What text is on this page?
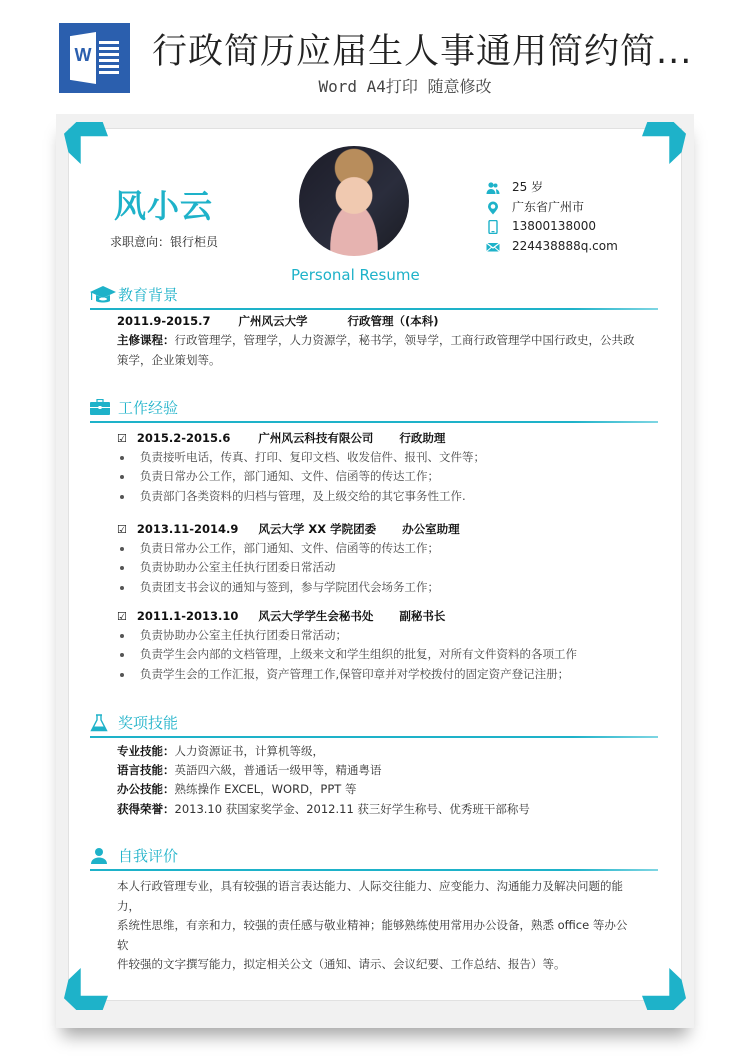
W 行政简历应届生人事通用简约简...
Word A4打印 随意修改
风小云
求职意向：银行柜员
Personal Resume
25 岁
广东省广州市
13800138000
224438888q.com
教育背景
2011.9-2015.7 广州风云大学	行政管理（(本科)
主修课程：行政管理学，管理学，人力资源学，秘书学，领导学，工商行政管理学中国行政史，公共政
策学，企业策划等。
工作经验
☑ 2015.2-2015.6 广州风云科技有限公司 行政助理
负责接听电话，传真、打印、复印文档、收发信件、报刊、文件等；
负责日常办公工作，部门通知、文件、信函等的传达工作；
负责部门各类资料的归档与管理，及上级交给的其它事务性工作.
☑ 2013.11-2014.9 风云大学 XX 学院团委 办公室助理
负责日常办公工作，部门通知、文件、信函等的传达工作；
负责协助办公室主任执行团委日常活动
负责团支书会议的通知与签到，参与学院团代会场务工作；
☑ 2011.1-2013.10 风云大学学生会秘书处 副秘书长
负责协助办公室主任执行团委日常活动；
负责学生会内部的文档管理，上级来文和学生组织的批复，对所有文件资料的各项工作
负责学生会的工作汇报，资产管理工作,保管印章并对学校拨付的固定资产登记注册；
奖项技能
专业技能：人力资源证书，计算机等级，
语言技能：英語四六級，普通话一级甲等，精通粤语
办公技能：熟练操作 EXCEL，WORD，PPT 等
获得荣誉：2013.10 获国家奖学金、2012.11 获三好学生称号、优秀班干部称号
自我评价
本人行政管理专业，具有较强的语言表达能力、人际交往能力、应变能力、沟通能力及解决问题的能力，
系统性思维，有亲和力，较强的责任感与敬业精神；能够熟练使用常用办公设备，熟悉 office 等办公软
件较强的文字撰写能力，拟定相关公文（通知、请示、会议纪要、工作总结、报告）等。
